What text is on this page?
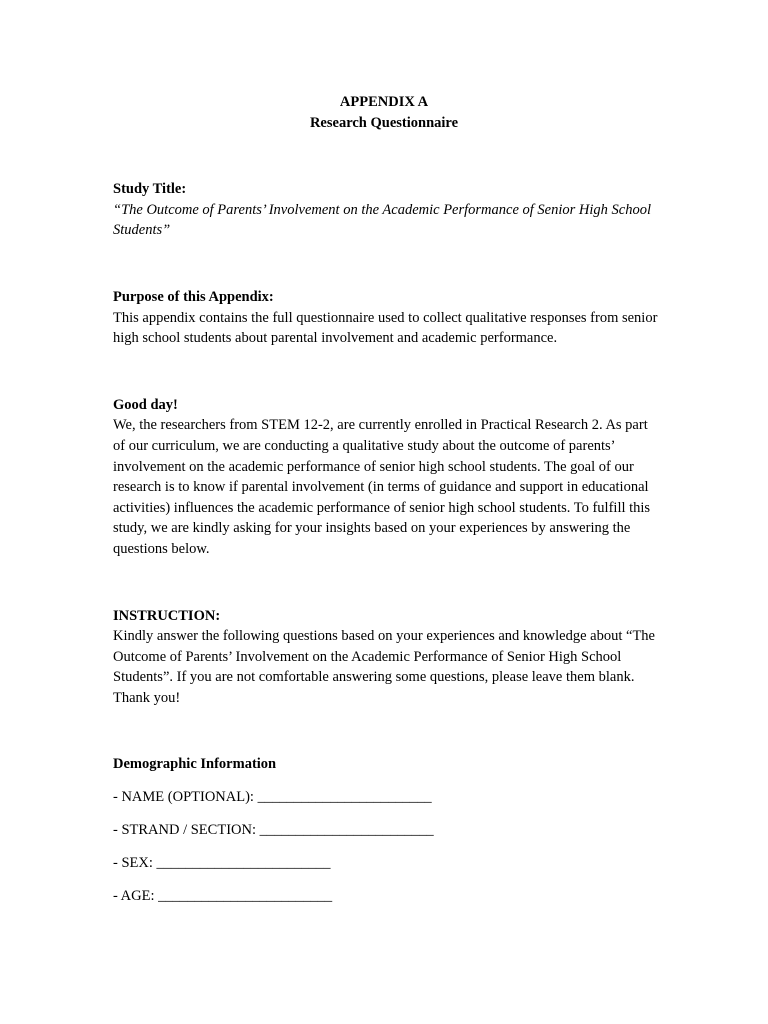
APPENDIX A

Research Questionnaire

Study Title:

“The Outcome of Parents’ Involvement on the Academic Performance of Senior High School Students”

Purpose of this Appendix:

This appendix contains the full questionnaire used to collect qualitative responses from senior high school students about parental involvement and academic performance.

Good day!

We, the researchers from STEM 12-2, are currently enrolled in Practical Research 2. As part of our curriculum, we are conducting a qualitative study about the outcome of parents’ involvement on the academic performance of senior high school students. The goal of our research is to know if parental involvement (in terms of guidance and support in educational activities) influences the academic performance of senior high school students. To fulfill this study, we are kindly asking for your insights based on your experiences by answering the questions below.

INSTRUCTION:

Kindly answer the following questions based on your experiences and knowledge about “The Outcome of Parents’ Involvement on the Academic Performance of Senior High School Students”. If you are not comfortable answering some questions, please leave them blank. Thank you!

Demographic Information

- NAME (OPTIONAL): ________________________

- STRAND / SECTION: ________________________

- SEX: ________________________

- AGE: ________________________
